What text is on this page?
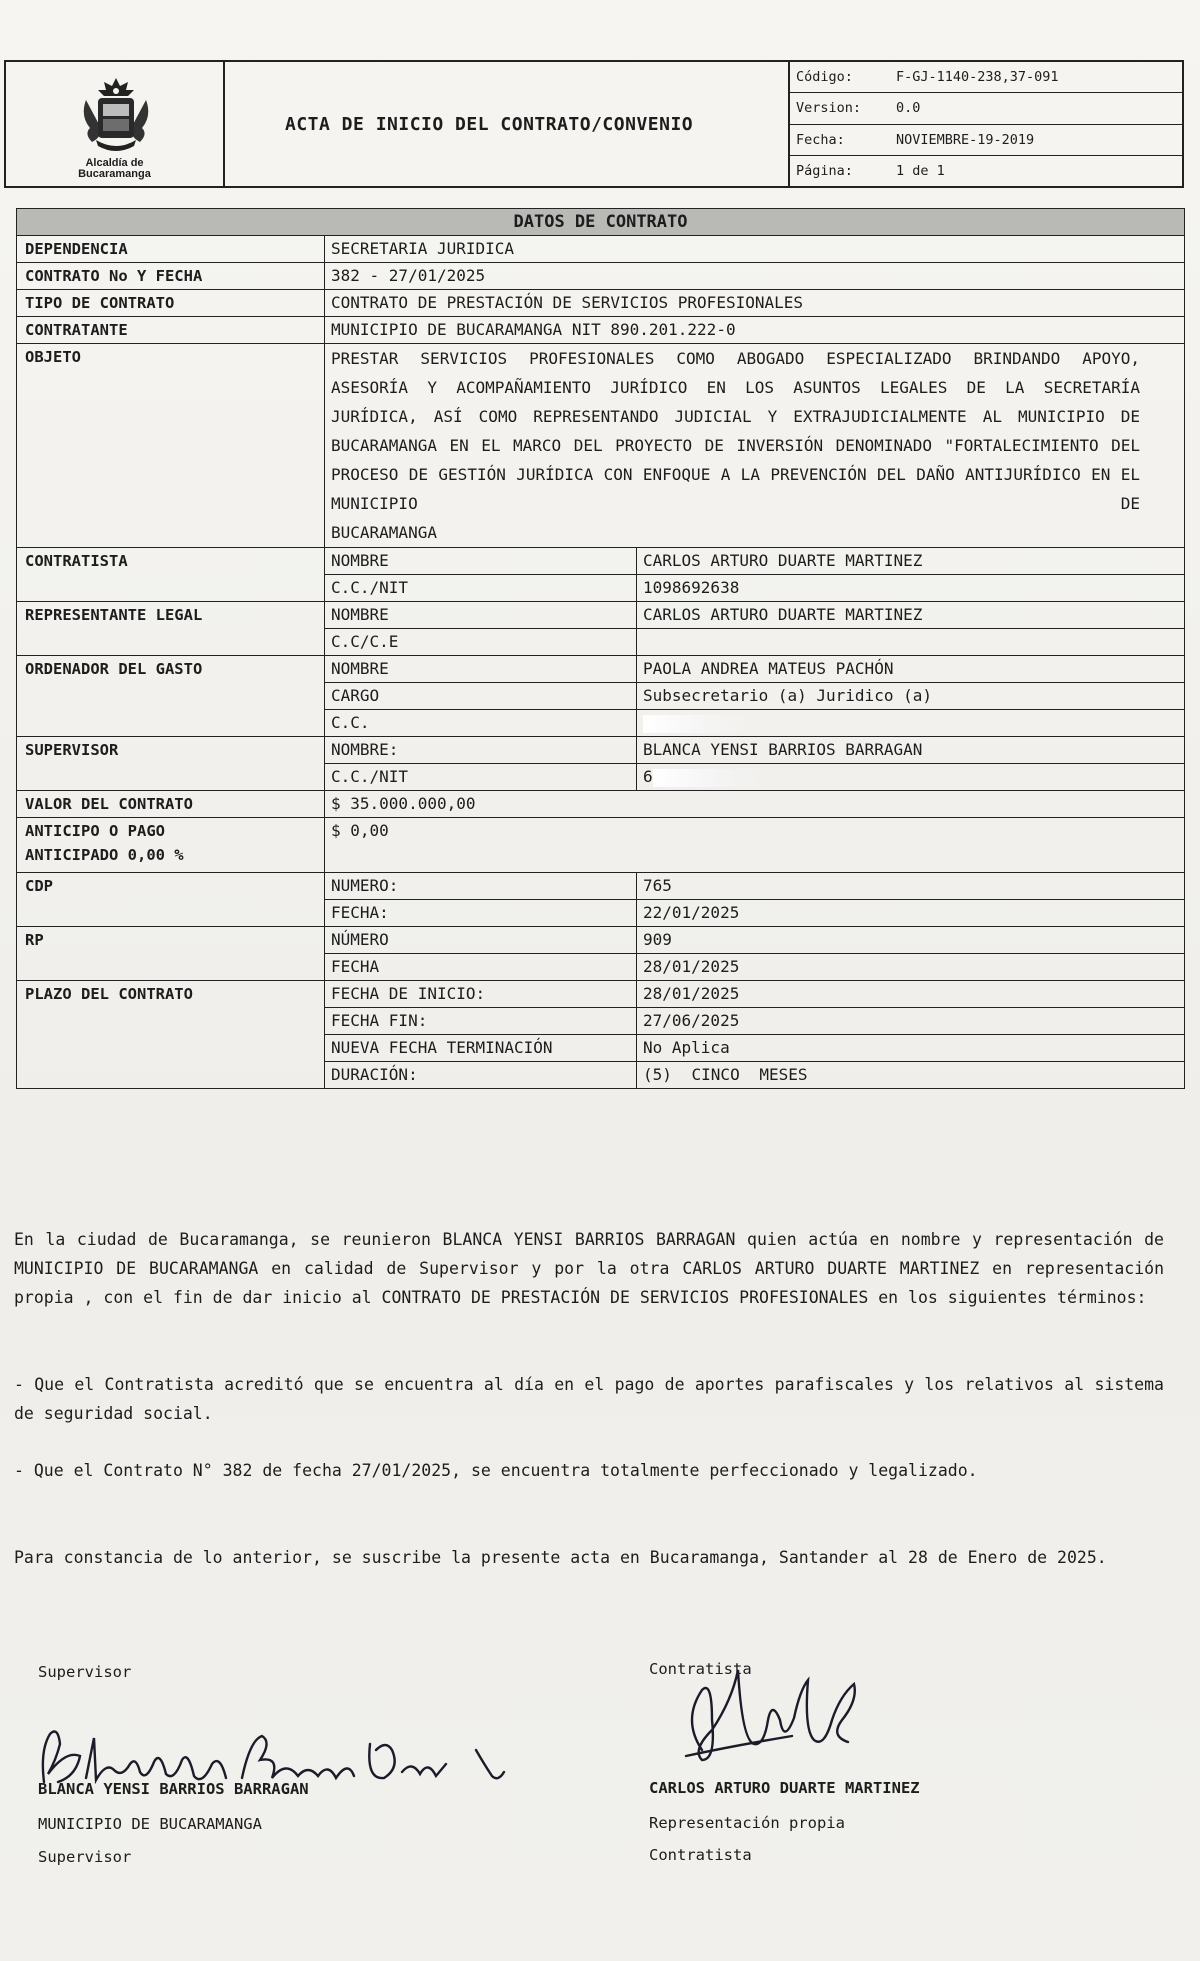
Alcaldía de
Bucaramanga
ACTA DE INICIO DEL CONTRATO/CONVENIO
Código:	F-GJ-1140-238,37-091
Version:	0.0
Fecha:	NOVIEMBRE-19-2019
Página:	1 de 1
DATOS DE CONTRATO		
DEPENDENCIA	SECRETARIA JURIDICA	
CONTRATO No Y FECHA	382 - 27/01/2025	
TIPO DE CONTRATO	CONTRATO DE PRESTACIÓN DE SERVICIOS PROFESIONALES	
CONTRATANTE	MUNICIPIO DE BUCARAMANGA NIT 890.201.222-0	
OBJETO	PRESTAR SERVICIOS PROFESIONALES COMO ABOGADO ESPECIALIZADO BRINDANDO APOYO, ASESORÍA Y ACOMPAÑAMIENTO JURÍDICO EN LOS ASUNTOS LEGALES DE LA SECRETARÍA JURÍDICA, ASÍ COMO REPRESENTANDO JUDICIAL Y EXTRAJUDICIALMENTE AL MUNICIPIO DE BUCARAMANGA EN EL MARCO DEL PROYECTO DE INVERSIÓN DENOMINADO "FORTALECIMIENTO DEL PROCESO DE GESTIÓN JURÍDICA CON ENFOQUE A LA PREVENCIÓN DEL DAÑO ANTIJURÍDICO EN EL MUNICIPIO DE
BUCARAMANGA	

CONTRATISTA	NOMBRE	CARLOS ARTURO DUARTE MARTINEZ
	C.C./NIT	1098692638
REPRESENTANTE LEGAL	NOMBRE	CARLOS ARTURO DUARTE MARTINEZ
	C.C/C.E	
ORDENADOR DEL GASTO	NOMBRE	PAOLA ANDREA MATEUS PACHÓN
	CARGO	Subsecretario (a) Juridico (a)
	C.C.	
SUPERVISOR	NOMBRE:	BLANCA YENSI BARRIOS BARRAGAN
	C.C./NIT	6
VALOR DEL CONTRATO	$ 35.000.000,00	

ANTICIPO O PAGO
ANTICIPADO 0,00 %	$ 0,00	
CDP	NUMERO:	765
	FECHA:	22/01/2025
RP	NÚMERO	909
	FECHA	28/01/2025
PLAZO DEL CONTRATO	FECHA DE INICIO:	28/01/2025
	FECHA FIN:	27/06/2025
	NUEVA FECHA TERMINACIÓN	No Aplica
	DURACIÓN:	(5) CINCO MESES
En la ciudad de Bucaramanga, se reunieron BLANCA YENSI BARRIOS BARRAGAN quien actúa en nombre y representación de MUNICIPIO DE BUCARAMANGA en calidad de Supervisor y por la otra CARLOS ARTURO DUARTE MARTINEZ en representación propia , con el fin de dar inicio al CONTRATO DE PRESTACIÓN DE SERVICIOS PROFESIONALES en los siguientes términos:
- Que el Contratista acreditó que se encuentra al día en el pago de aportes parafiscales y los relativos al sistema de seguridad social.
- Que el Contrato N° 382 de fecha 27/01/2025, se encuentra totalmente perfeccionado y legalizado.
Para constancia de lo anterior, se suscribe la presente acta en Bucaramanga, Santander al 28 de Enero de 2025.
Supervisor
BLANCA YENSI BARRIOS BARRAGAN
MUNICIPIO DE BUCARAMANGA
Supervisor
Contratista
CARLOS ARTURO DUARTE MARTINEZ
Representación propia
Contratista
